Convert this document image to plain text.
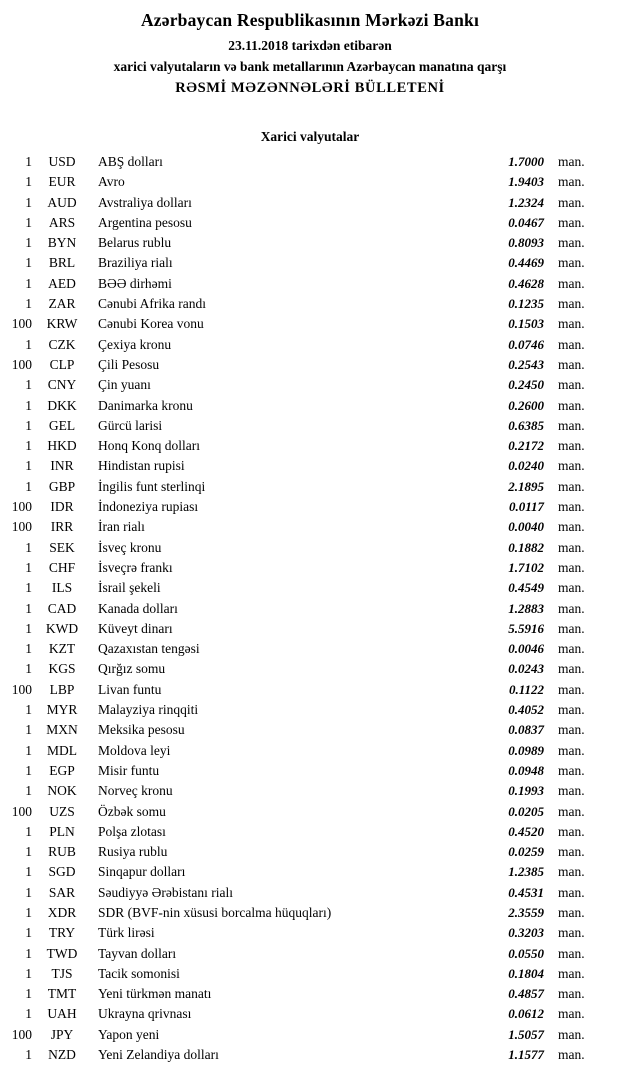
Azərbaycan Respublikasının Mərkəzi Bankı
23.11.2018 tarixdən etibarən
xarici valyutaların və bank metallarının Azərbaycan manatına qarşı
RƏSMİ MƏZƏNNƏLƏRİ BÜLLETENİ
Xarici valyutalar
1	USD	ABŞ dolları	1.7000	man.
1	EUR	Avro	1.9403	man.
1	AUD	Avstraliya dolları	1.2324	man.
1	ARS	Argentina pesosu	0.0467	man.
1	BYN	Belarus rublu	0.8093	man.
1	BRL	Braziliya rialı	0.4469	man.
1	AED	BƏƏ dirhəmi	0.4628	man.
1	ZAR	Cənubi Afrika randı	0.1235	man.
100	KRW	Cənubi Korea vonu	0.1503	man.
1	CZK	Çexiya kronu	0.0746	man.
100	CLP	Çili Pesosu	0.2543	man.
1	CNY	Çin yuanı	0.2450	man.
1	DKK	Danimarka kronu	0.2600	man.
1	GEL	Gürcü larisi	0.6385	man.
1	HKD	Honq Konq dolları	0.2172	man.
1	INR	Hindistan rupisi	0.0240	man.
1	GBP	İngilis funt sterlinqi	2.1895	man.
100	IDR	İndoneziya rupiası	0.0117	man.
100	IRR	İran rialı	0.0040	man.
1	SEK	İsveç kronu	0.1882	man.
1	CHF	İsveçrə frankı	1.7102	man.
1	ILS	İsrail şekeli	0.4549	man.
1	CAD	Kanada dolları	1.2883	man.
1	KWD	Küveyt dinarı	5.5916	man.
1	KZT	Qazaxıstan tengəsi	0.0046	man.
1	KGS	Qırğız somu	0.0243	man.
100	LBP	Livan funtu	0.1122	man.
1	MYR	Malayziya rinqqiti	0.4052	man.
1	MXN	Meksika pesosu	0.0837	man.
1	MDL	Moldova leyi	0.0989	man.
1	EGP	Misir funtu	0.0948	man.
1	NOK	Norveç kronu	0.1993	man.
100	UZS	Özbək somu	0.0205	man.
1	PLN	Polşa zlotası	0.4520	man.
1	RUB	Rusiya rublu	0.0259	man.
1	SGD	Sinqapur dolları	1.2385	man.
1	SAR	Səudiyyə Ərəbistanı rialı	0.4531	man.
1	XDR	SDR (BVF-nin xüsusi borcalma hüquqları)	2.3559	man.
1	TRY	Türk lirəsi	0.3203	man.
1	TWD	Tayvan dolları	0.0550	man.
1	TJS	Tacik somonisi	0.1804	man.
1	TMT	Yeni türkmən manatı	0.4857	man.
1	UAH	Ukrayna qrivnası	0.0612	man.
100	JPY	Yapon yeni	1.5057	man.
1	NZD	Yeni Zelandiya dolları	1.1577	man.
